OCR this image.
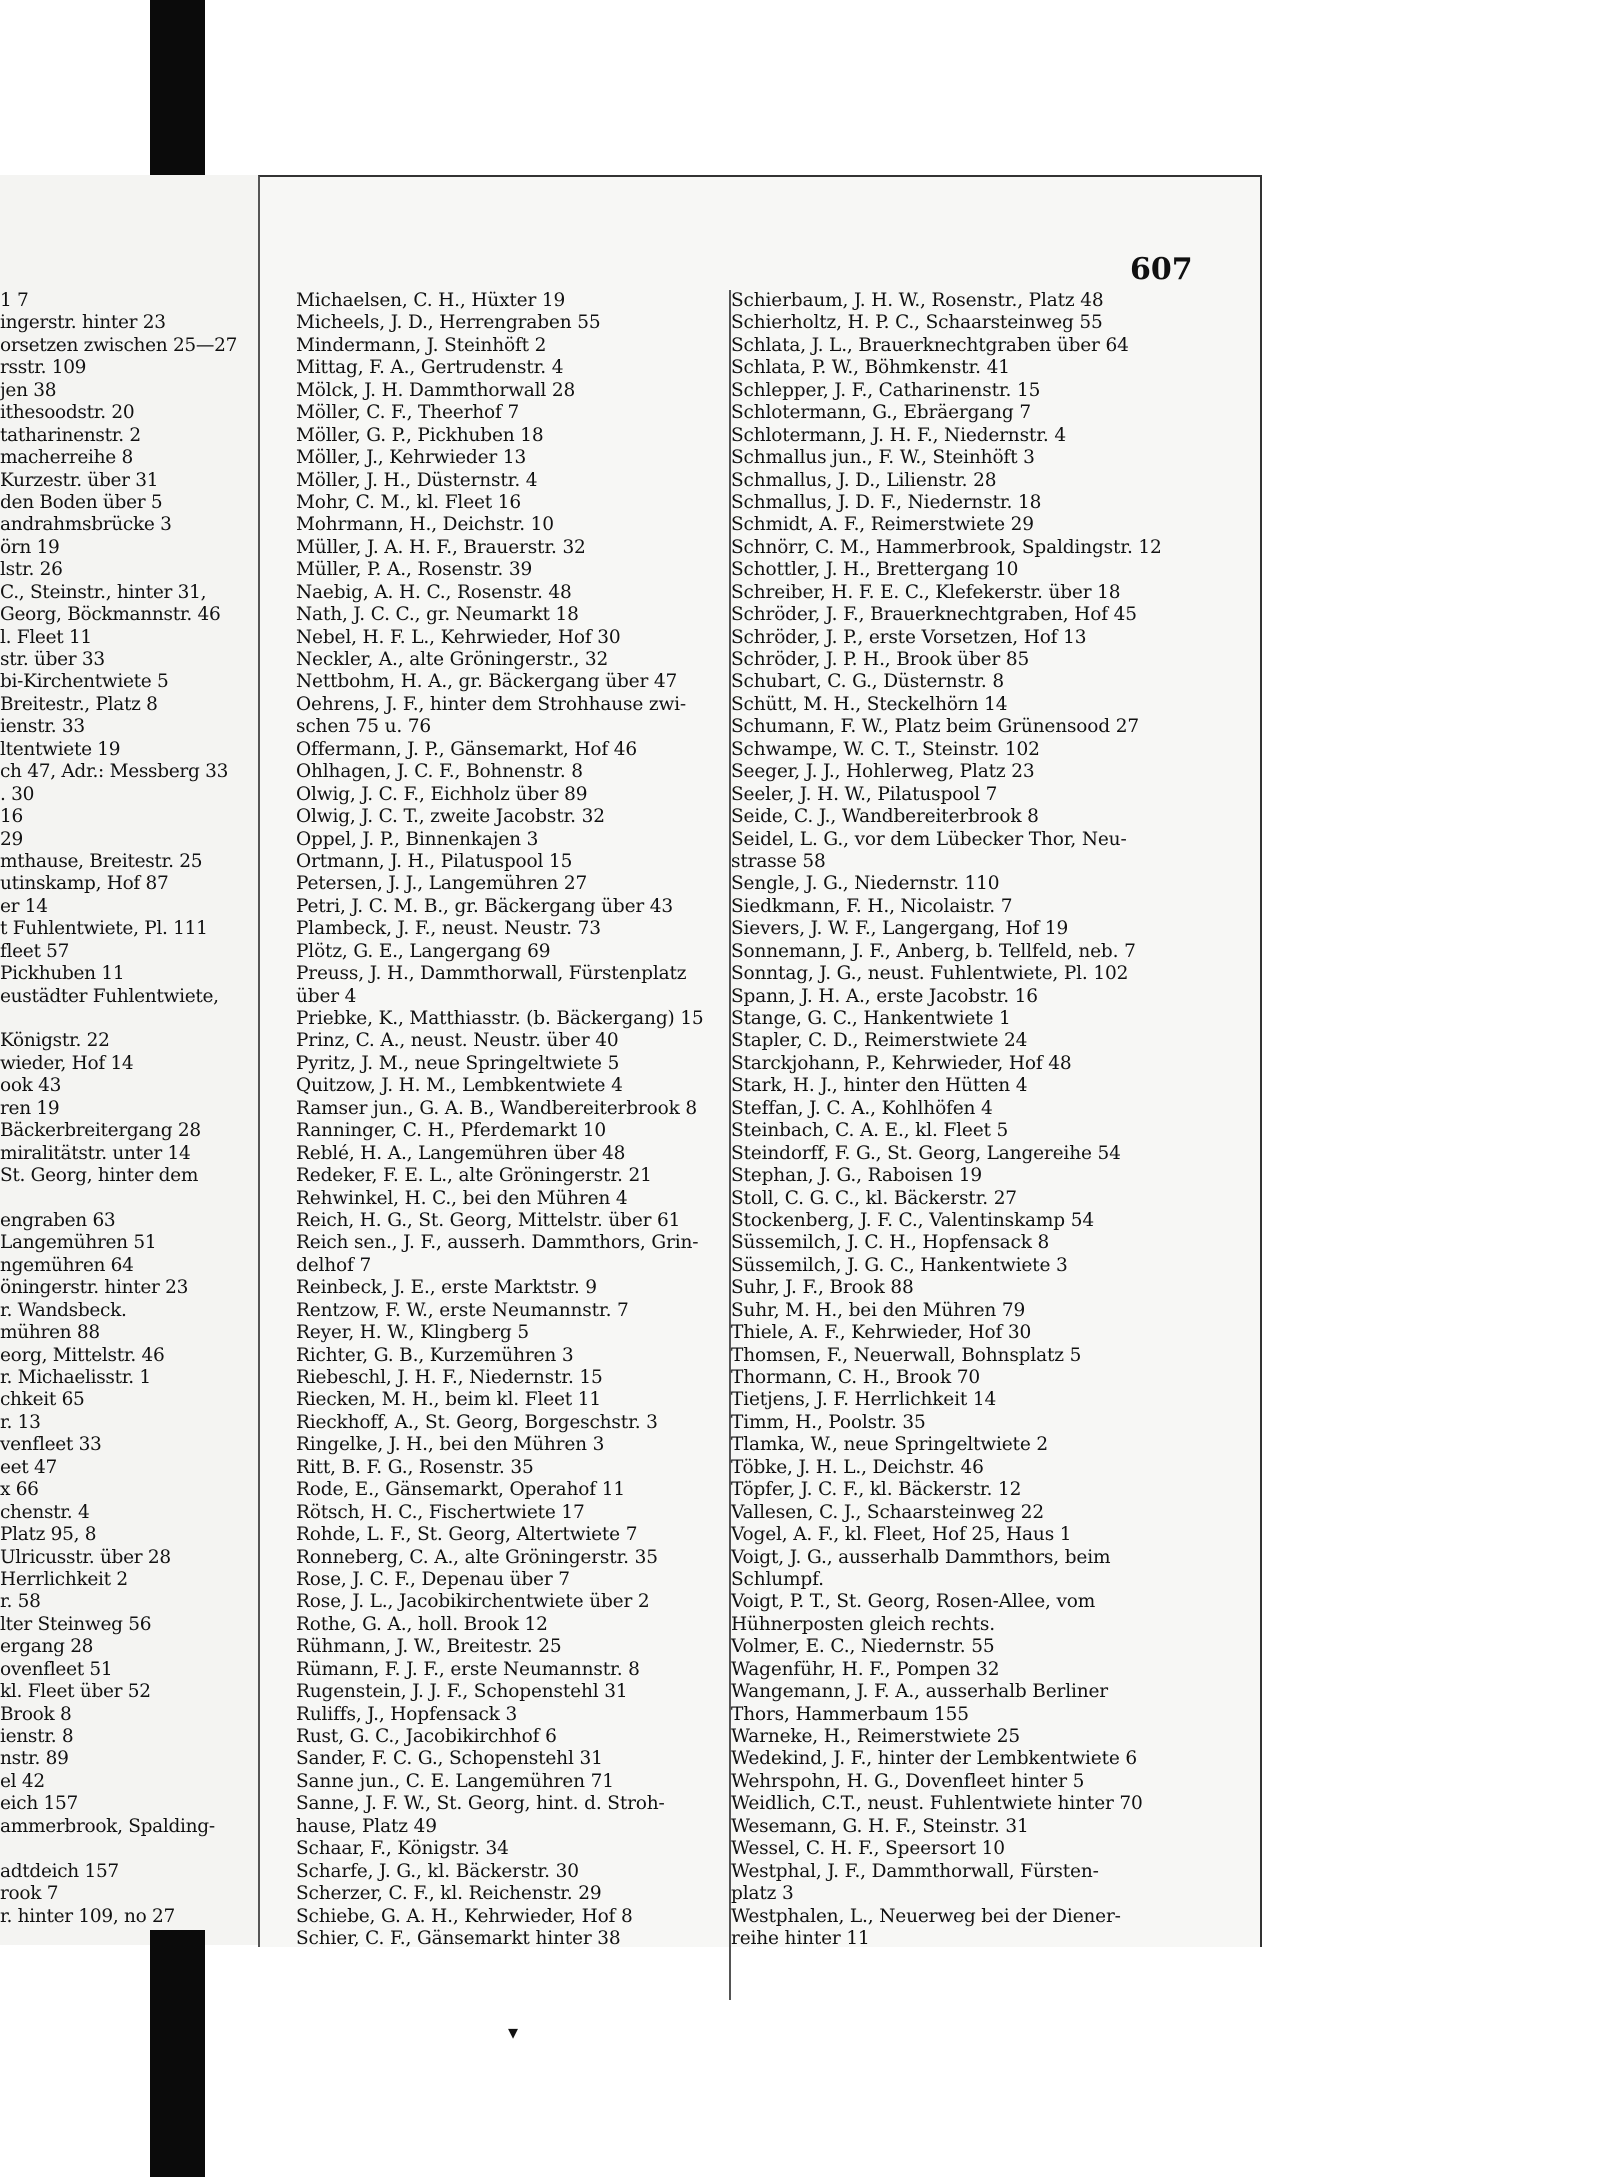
1 7
ingerstr. hinter 23
orsetzen zwischen 25—27
rsstr. 109
jen 38
ithesoodstr. 20
tatharinenstr. 2
macherreihe 8
Kurzestr. über 31
den Boden über 5
andrahmsbrücke 3
örn 19
lstr. 26
C., Steinstr., hinter 31,
Georg, Böckmannstr. 46
l. Fleet 11
str. über 33
bi-Kirchentwiete 5
Breitestr., Platz 8
ienstr. 33
ltentwiete 19
ch 47, Adr.: Messberg 33
. 30
16
29
mthause, Breitestr. 25
utinskamp, Hof 87
er 14
t Fuhlentwiete, Pl. 111
fleet 57
Pickhuben 11
eustädter Fuhlentwiete,
Königstr. 22
wieder, Hof 14
ook 43
ren 19
Bäckerbreitergang 28
miralitätstr. unter 14
St. Georg, hinter dem
engraben 63
Langemühren 51
ngemühren 64
öningerstr. hinter 23
r. Wandsbeck.
mühren 88
eorg, Mittelstr. 46
r. Michaelisstr. 1
chkeit 65
r. 13
venfleet 33
eet 47
x 66
chenstr. 4
Platz 95, 8
Ulricusstr. über 28
Herrlichkeit 2
r. 58
lter Steinweg 56
ergang 28
ovenfleet 51
kl. Fleet über 52
Brook 8
ienstr. 8
nstr. 89
el 42
eich 157
ammerbrook, Spalding-
adtdeich 157
rook 7
r. hinter 109, no 27
607
Michaelsen, C. H., Hüxter 19
Micheels, J. D., Herrengraben 55
Mindermann, J. Steinhöft 2
Mittag, F. A., Gertrudenstr. 4
Mölck, J. H. Dammthorwall 28
Möller, C. F., Theerhof 7
Möller, G. P., Pickhuben 18
Möller, J., Kehrwieder 13
Möller, J. H., Düsternstr. 4
Mohr, C. M., kl. Fleet 16
Mohrmann, H., Deichstr. 10
Müller, J. A. H. F., Brauerstr. 32
Müller, P. A., Rosenstr. 39
Naebig, A. H. C., Rosenstr. 48
Nath, J. C. C., gr. Neumarkt 18
Nebel, H. F. L., Kehrwieder, Hof 30
Neckler, A., alte Gröningerstr., 32
Nettbohm, H. A., gr. Bäckergang über 47
Oehrens, J. F., hinter dem Strohhause zwi-
schen 75 u. 76
Offermann, J. P., Gänsemarkt, Hof 46
Ohlhagen, J. C. F., Bohnenstr. 8
Olwig, J. C. F., Eichholz über 89
Olwig, J. C. T., zweite Jacobstr. 32
Oppel, J. P., Binnenkajen 3
Ortmann, J. H., Pilatuspool 15
Petersen, J. J., Langemühren 27
Petri, J. C. M. B., gr. Bäckergang über 43
Plambeck, J. F., neust. Neustr. 73
Plötz, G. E., Langergang 69
Preuss, J. H., Dammthorwall, Fürstenplatz
über 4
Priebke, K., Matthiasstr. (b. Bäckergang) 15
Prinz, C. A., neust. Neustr. über 40
Pyritz, J. M., neue Springeltwiete 5
Quitzow, J. H. M., Lembkentwiete 4
Ramser jun., G. A. B., Wandbereiterbrook 8
Ranninger, C. H., Pferdemarkt 10
Reblé, H. A., Langemühren über 48
Redeker, F. E. L., alte Gröningerstr. 21
Rehwinkel, H. C., bei den Mühren 4
Reich, H. G., St. Georg, Mittelstr. über 61
Reich sen., J. F., ausserh. Dammthors, Grin-
delhof 7
Reinbeck, J. E., erste Marktstr. 9
Rentzow, F. W., erste Neumannstr. 7
Reyer, H. W., Klingberg 5
Richter, G. B., Kurzemühren 3
Riebeschl, J. H. F., Niedernstr. 15
Riecken, M. H., beim kl. Fleet 11
Rieckhoff, A., St. Georg, Borgeschstr. 3
Ringelke, J. H., bei den Mühren 3
Ritt, B. F. G., Rosenstr. 35
Rode, E., Gänsemarkt, Operahof 11
Rötsch, H. C., Fischertwiete 17
Rohde, L. F., St. Georg, Altertwiete 7
Ronneberg, C. A., alte Gröningerstr. 35
Rose, J. C. F., Depenau über 7
Rose, J. L., Jacobikirchentwiete über 2
Rothe, G. A., holl. Brook 12
Rühmann, J. W., Breitestr. 25
Rümann, F. J. F., erste Neumannstr. 8
Rugenstein, J. J. F., Schopenstehl 31
Ruliffs, J., Hopfensack 3
Rust, G. C., Jacobikirchhof 6
Sander, F. C. G., Schopenstehl 31
Sanne jun., C. E. Langemühren 71
Sanne, J. F. W., St. Georg, hint. d. Stroh-
hause, Platz 49
Schaar, F., Königstr. 34
Scharfe, J. G., kl. Bäckerstr. 30
Scherzer, C. F., kl. Reichenstr. 29
Schiebe, G. A. H., Kehrwieder, Hof 8
Schier, C. F., Gänsemarkt hinter 38
Schierbaum, J. H. W., Rosenstr., Platz 48
Schierholtz, H. P. C., Schaarsteinweg 55
Schlata, J. L., Brauerknechtgraben über 64
Schlata, P. W., Böhmkenstr. 41
Schlepper, J. F., Catharinenstr. 15
Schlotermann, G., Ebräergang 7
Schlotermann, J. H. F., Niedernstr. 4
Schmallus jun., F. W., Steinhöft 3
Schmallus, J. D., Lilienstr. 28
Schmallus, J. D. F., Niedernstr. 18
Schmidt, A. F., Reimerstwiete 29
Schnörr, C. M., Hammerbrook, Spaldingstr. 12
Schottler, J. H., Brettergang 10
Schreiber, H. F. E. C., Klefekerstr. über 18
Schröder, J. F., Brauerknechtgraben, Hof 45
Schröder, J. P., erste Vorsetzen, Hof 13
Schröder, J. P. H., Brook über 85
Schubart, C. G., Düsternstr. 8
Schütt, M. H., Steckelhörn 14
Schumann, F. W., Platz beim Grünensood 27
Schwampe, W. C. T., Steinstr. 102
Seeger, J. J., Hohlerweg, Platz 23
Seeler, J. H. W., Pilatuspool 7
Seide, C. J., Wandbereiterbrook 8
Seidel, L. G., vor dem Lübecker Thor, Neu-
strasse 58
Sengle, J. G., Niedernstr. 110
Siedkmann, F. H., Nicolaistr. 7
Sievers, J. W. F., Langergang, Hof 19
Sonnemann, J. F., Anberg, b. Tellfeld, neb. 7
Sonntag, J. G., neust. Fuhlentwiete, Pl. 102
Spann, J. H. A., erste Jacobstr. 16
Stange, G. C., Hankentwiete 1
Stapler, C. D., Reimerstwiete 24
Starckjohann, P., Kehrwieder, Hof 48
Stark, H. J., hinter den Hütten 4
Steffan, J. C. A., Kohlhöfen 4
Steinbach, C. A. E., kl. Fleet 5
Steindorff, F. G., St. Georg, Langereihe 54
Stephan, J. G., Raboisen 19
Stoll, C. G. C., kl. Bäckerstr. 27
Stockenberg, J. F. C., Valentinskamp 54
Süssemilch, J. C. H., Hopfensack 8
Süssemilch, J. G. C., Hankentwiete 3
Suhr, J. F., Brook 88
Suhr, M. H., bei den Mühren 79
Thiele, A. F., Kehrwieder, Hof 30
Thomsen, F., Neuerwall, Bohnsplatz 5
Thormann, C. H., Brook 70
Tietjens, J. F. Herrlichkeit 14
Timm, H., Poolstr. 35
Tlamka, W., neue Springeltwiete 2
Töbke, J. H. L., Deichstr. 46
Töpfer, J. C. F., kl. Bäckerstr. 12
Vallesen, C. J., Schaarsteinweg 22
Vogel, A. F., kl. Fleet, Hof 25, Haus 1
Voigt, J. G., ausserhalb Dammthors, beim
Schlumpf.
Voigt, P. T., St. Georg, Rosen-Allee, vom
Hühnerposten gleich rechts.
Volmer, E. C., Niedernstr. 55
Wagenführ, H. F., Pompen 32
Wangemann, J. F. A., ausserhalb Berliner
Thors, Hammerbaum 155
Warneke, H., Reimerstwiete 25
Wedekind, J. F., hinter der Lembkentwiete 6
Wehrspohn, H. G., Dovenfleet hinter 5
Weidlich, C.T., neust. Fuhlentwiete hinter 70
Wesemann, G. H. F., Steinstr. 31
Wessel, C. H. F., Speersort 10
Westphal, J. F., Dammthorwall, Fürsten-
platz 3
Westphalen, L., Neuerweg bei der Diener-
reihe hinter 11
▾
